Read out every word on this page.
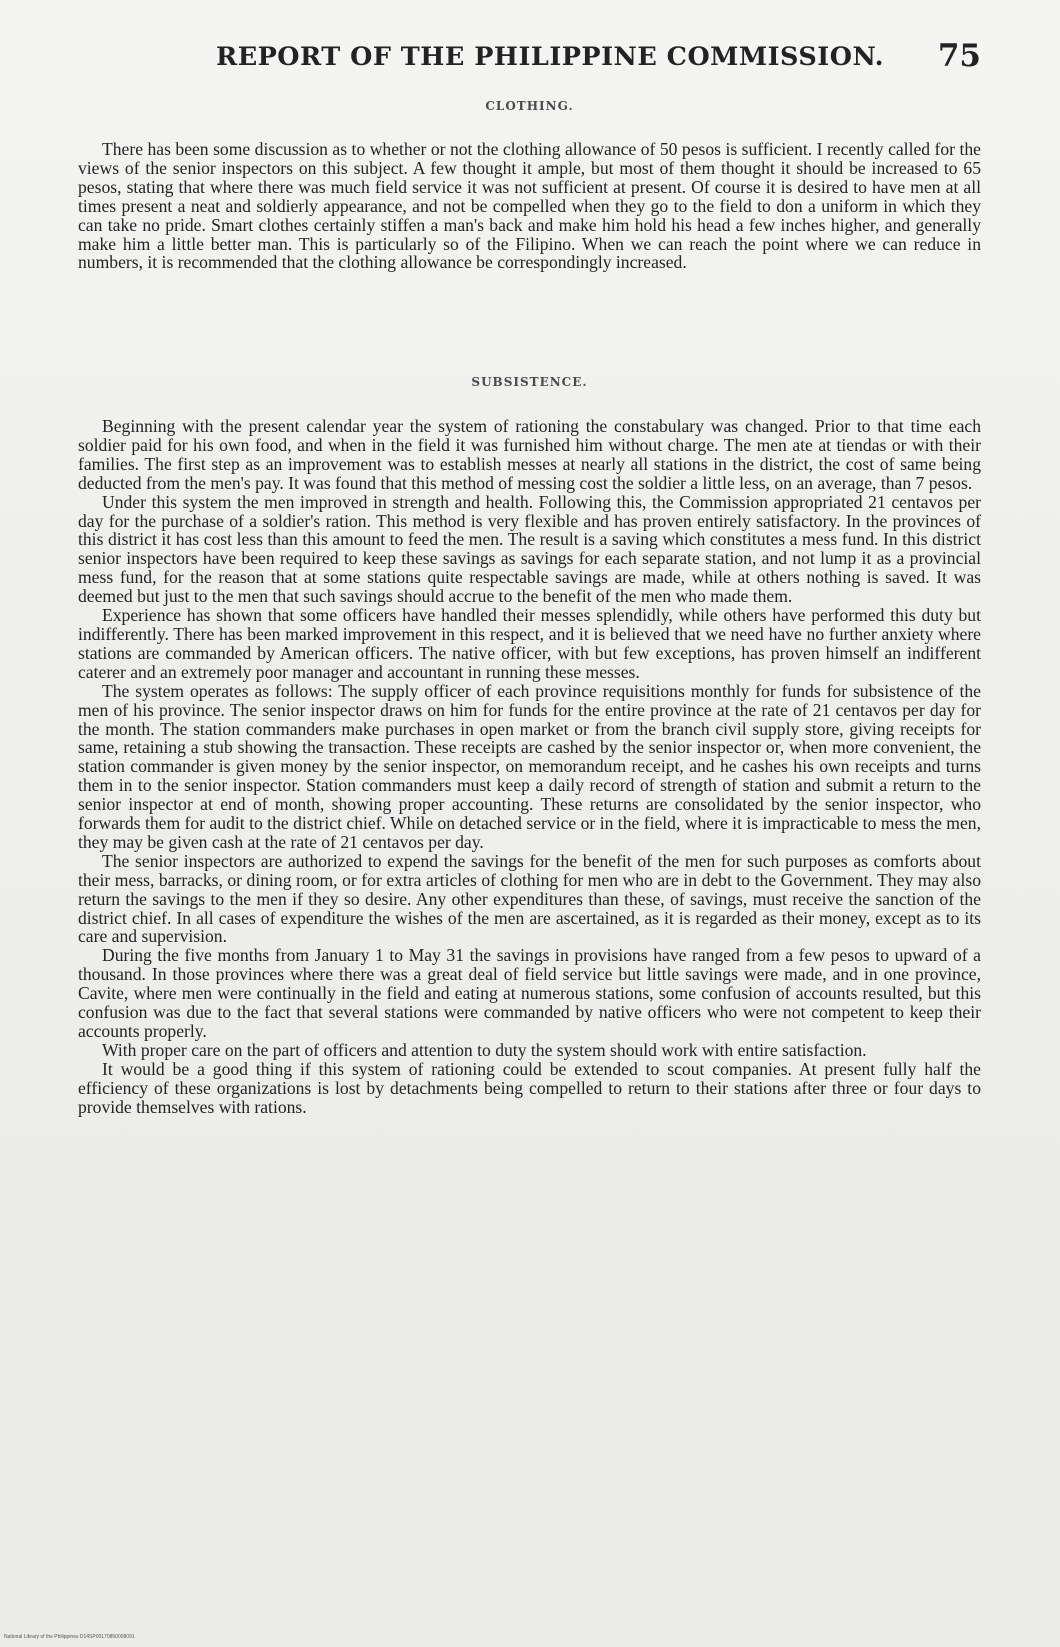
REPORT OF THE PHILIPPINE COMMISSION. 75
CLOTHING.

There has been some discussion as to whether or not the clothing allowance of 50 pesos is sufficient. I recently called for the views of the senior inspectors on this subject. A few thought it ample, but most of them thought it should be increased to 65 pesos, stating that where there was much field service it was not sufficient at present. Of course it is desired to have men at all times present a neat and soldierly appearance, and not be compelled when they go to the field to don a uniform in which they can take no pride. Smart clothes certainly stiffen a man's back and make him hold his head a few inches higher, and generally make him a little better man. This is particularly so of the Filipino. When we can reach the point where we can reduce in numbers, it is recommended that the clothing allowance be correspondingly increased.

SUBSISTENCE.

Beginning with the present calendar year the system of rationing the constabulary was changed. Prior to that time each soldier paid for his own food, and when in the field it was furnished him without charge. The men ate at tiendas or with their families. The first step as an improvement was to establish messes at nearly all stations in the district, the cost of same being deducted from the men's pay. It was found that this method of messing cost the soldier a little less, on an average, than 7 pesos.

Under this system the men improved in strength and health. Following this, the Commission appropriated 21 centavos per day for the purchase of a soldier's ration. This method is very flexible and has proven entirely satisfactory. In the provinces of this district it has cost less than this amount to feed the men. The result is a saving which constitutes a mess fund. In this district senior inspectors have been required to keep these savings as savings for each separate station, and not lump it as a provincial mess fund, for the reason that at some stations quite respectable savings are made, while at others nothing is saved. It was deemed but just to the men that such savings should accrue to the benefit of the men who made them.

Experience has shown that some officers have handled their messes splendidly, while others have performed this duty but indifferently. There has been marked improvement in this respect, and it is believed that we need have no further anxiety where stations are commanded by American officers. The native officer, with but few exceptions, has proven himself an indifferent caterer and an extremely poor manager and accountant in running these messes.

The system operates as follows: The supply officer of each province requisitions monthly for funds for subsistence of the men of his province. The senior inspector draws on him for funds for the entire province at the rate of 21 centavos per day for the month. The station commanders make purchases in open market or from the branch civil supply store, giving receipts for same, retaining a stub showing the transaction. These receipts are cashed by the senior inspector or, when more convenient, the station commander is given money by the senior inspector, on memorandum receipt, and he cashes his own receipts and turns them in to the senior inspector. Station commanders must keep a daily record of strength of station and submit a return to the senior inspector at end of month, showing proper accounting. These returns are consolidated by the senior inspector, who forwards them for audit to the district chief. While on detached service or in the field, where it is impracticable to mess the men, they may be given cash at the rate of 21 centavos per day.

The senior inspectors are authorized to expend the savings for the benefit of the men for such purposes as comforts about their mess, barracks, or dining room, or for extra articles of clothing for men who are in debt to the Government. They may also return the savings to the men if they so desire. Any other expenditures than these, of savings, must receive the sanction of the district chief. In all cases of expenditure the wishes of the men are ascertained, as it is regarded as their money, except as to its care and supervision.

During the five months from January 1 to May 31 the savings in provisions have ranged from a few pesos to upward of a thousand. In those provinces where there was a great deal of field service but little savings were made, and in one province, Cavite, where men were continually in the field and eating at numerous stations, some confusion of accounts resulted, but this confusion was due to the fact that several stations were commanded by native officers who were not competent to keep their accounts properly.

With proper care on the part of officers and attention to duty the system should work with entire satisfaction.

It would be a good thing if this system of rationing could be extended to scout companies. At present fully half the efficiency of these organizations is lost by detachments being compelled to return to their stations after three or four days to provide themselves with rations.

National Library of the Philippines D14SP00170850008091
